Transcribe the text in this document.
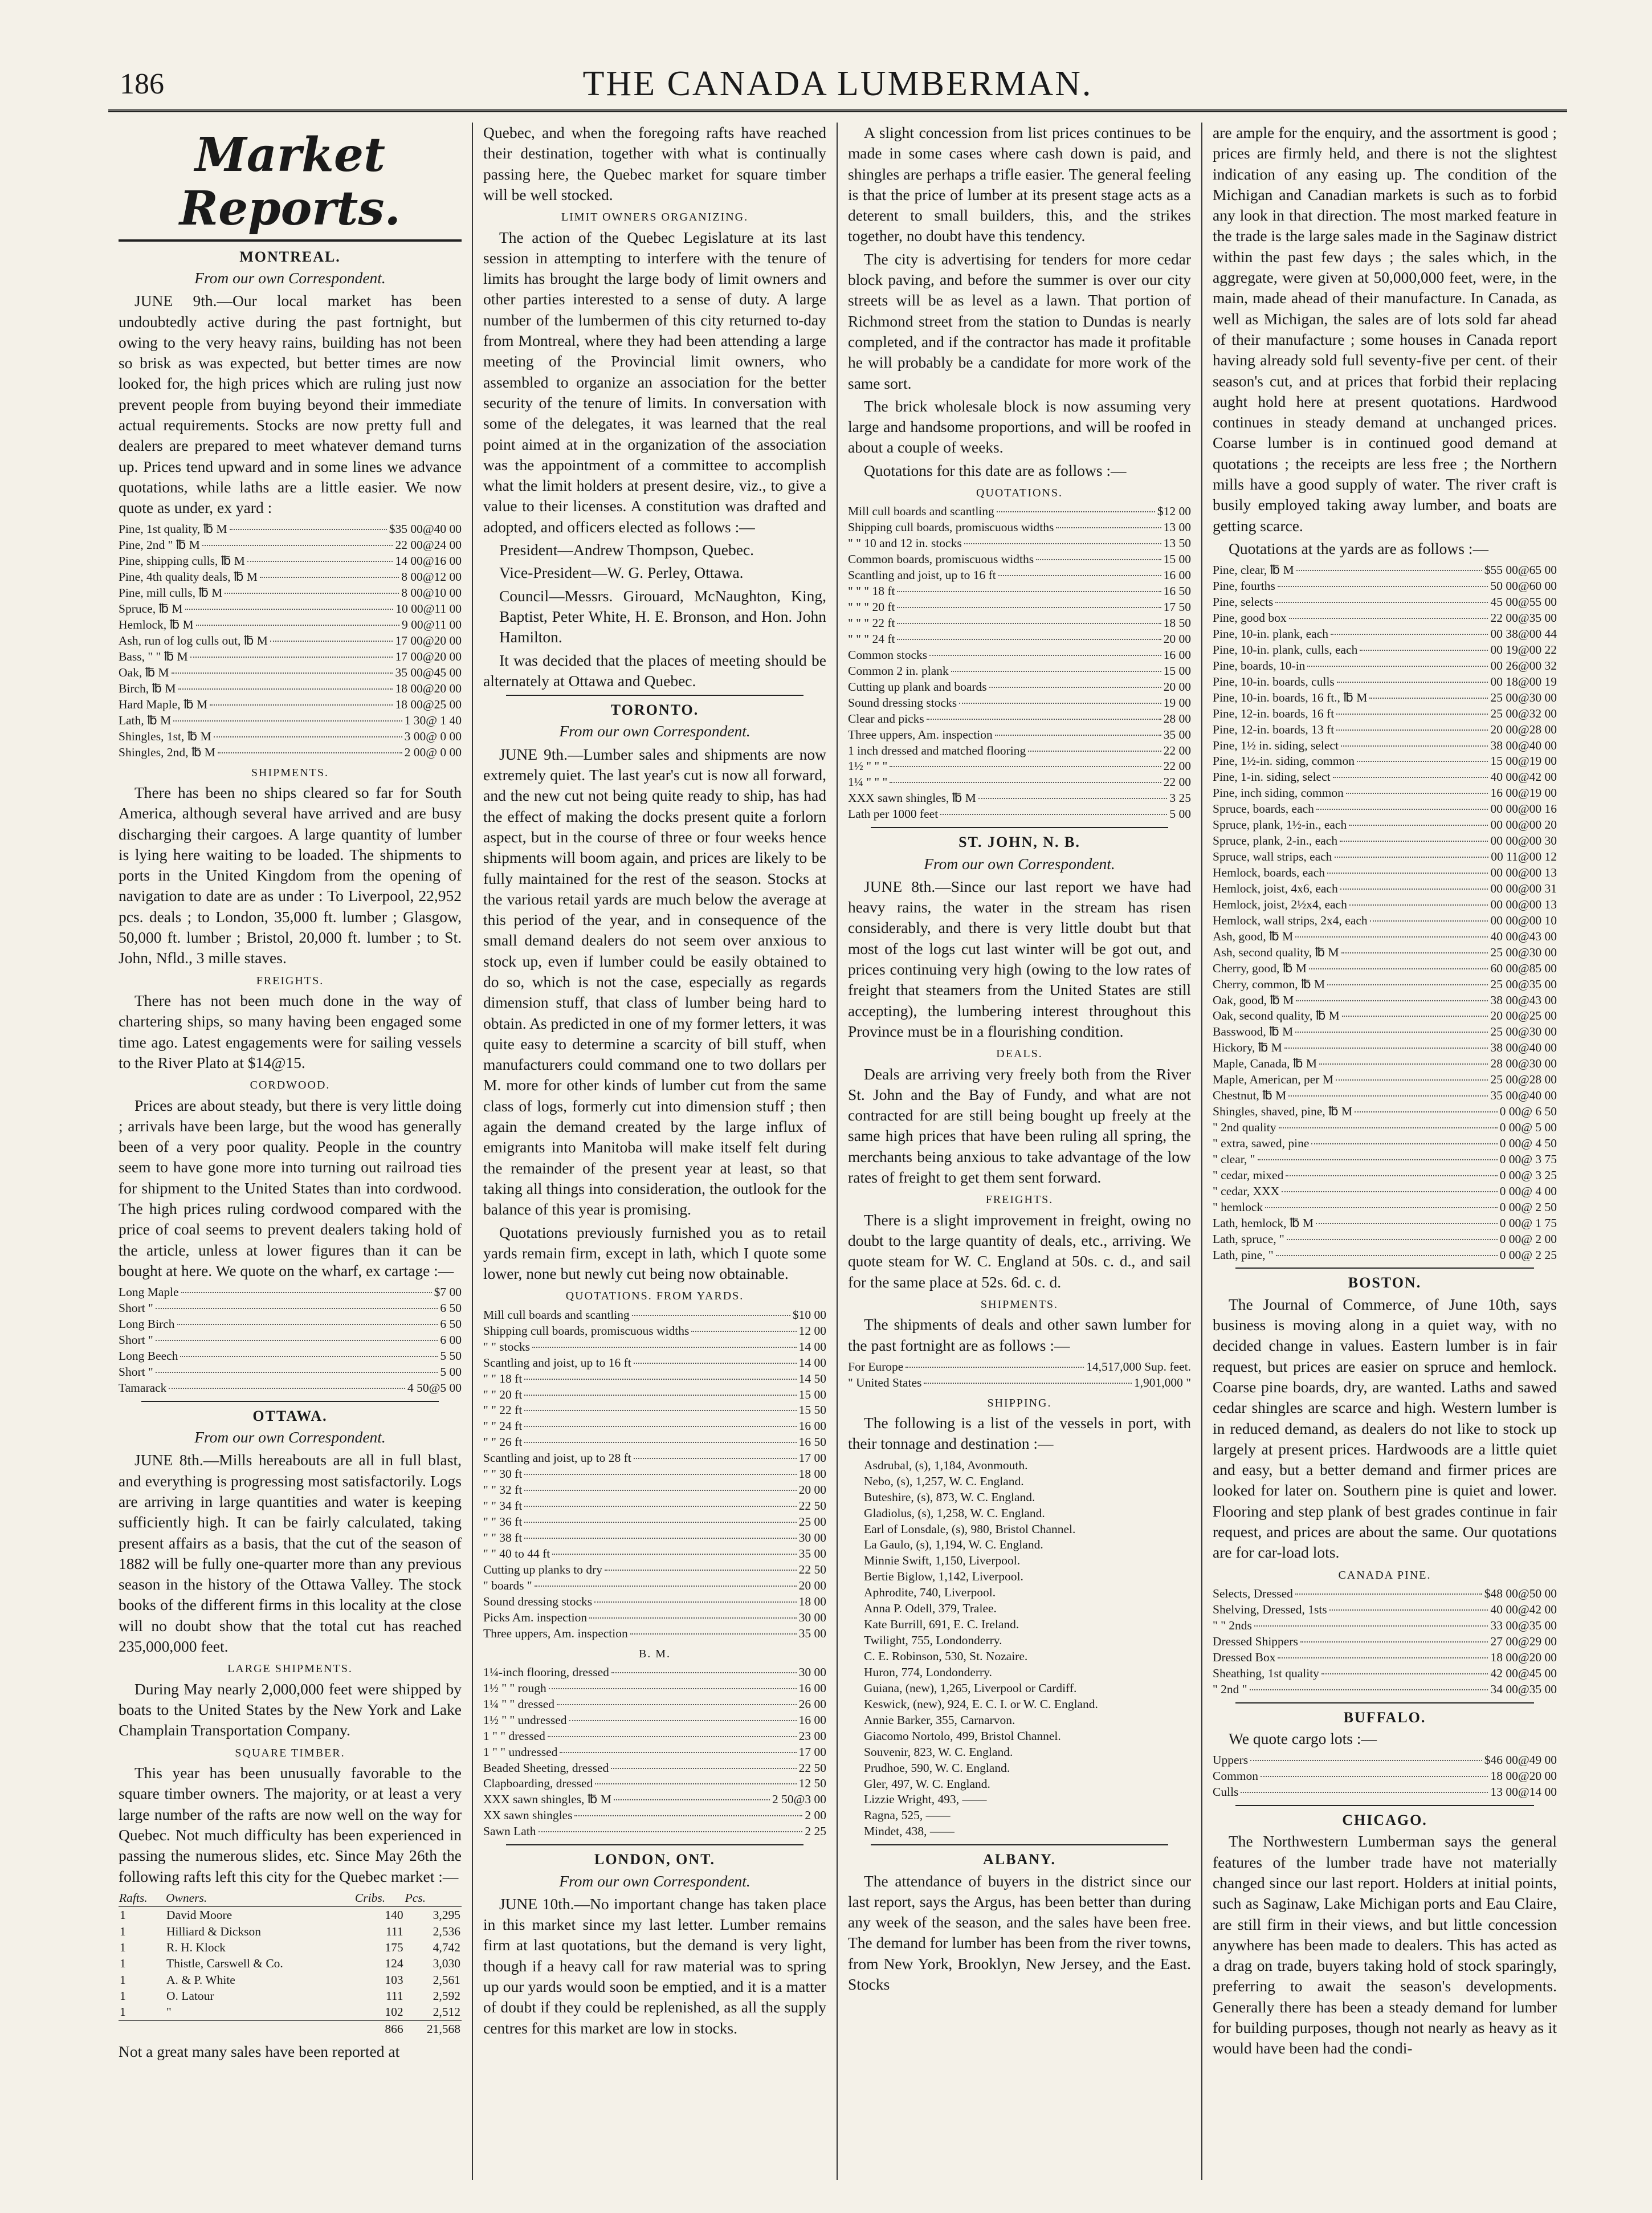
186	THE CANADA LUMBERMAN.
Market Reports.
MONTREAL.
From our own Correspondent.

JUNE 9th.—Our local market has been undoubtedly active during the past fortnight, but owing to the very heavy rains, building has not been so brisk as was expected, but better times are now looked for, the high prices which are ruling just now prevent people from buying beyond their immediate actual requirements. Stocks are now pretty full and dealers are prepared to meet whatever demand turns up. Prices tend upward and in some lines we advance quotations, while laths are a little easier. We now quote as under, ex yard :

Pine, 1st quality, ℔ M	$35 00@40 00
Pine, 2nd " ℔ M	22 00@24 00
Pine, shipping culls, ℔ M	14 00@16 00
Pine, 4th quality deals, ℔ M	8 00@12 00
Pine, mill culls, ℔ M	8 00@10 00
Spruce, ℔ M	10 00@11 00
Hemlock, ℔ M	9 00@11 00
Ash, run of log culls out, ℔ M	17 00@20 00
Bass, " " ℔ M	17 00@20 00
Oak, ℔ M	35 00@45 00
Birch, ℔ M	18 00@20 00
Hard Maple, ℔ M	18 00@25 00
Lath, ℔ M	1 30@ 1 40
Shingles, 1st, ℔ M	3 00@ 0 00
Shingles, 2nd, ℔ M	2 00@ 0 00
SHIPMENTS.

There has been no ships cleared so far for South America, although several have arrived and are busy discharging their cargoes. A large quantity of lumber is lying here waiting to be loaded. The shipments to ports in the United Kingdom from the opening of navigation to date are as under : To Liverpool, 22,952 pcs. deals ; to London, 35,000 ft. lumber ; Glasgow, 50,000 ft. lumber ; Bristol, 20,000 ft. lumber ; to St. John, Nfld., 3 mille staves.

FREIGHTS.

There has not been much done in the way of chartering ships, so many having been engaged some time ago. Latest engagements were for sailing vessels to the River Plato at $14@15.

CORDWOOD.

Prices are about steady, but there is very little doing ; arrivals have been large, but the wood has generally been of a very poor quality. People in the country seem to have gone more into turning out railroad ties for shipment to the United States than into cordwood. The high prices ruling cordwood compared with the price of coal seems to prevent dealers taking hold of the article, unless at lower figures than it can be bought at here. We quote on the wharf, ex cartage :—

Long Maple	$7 00
Short "	6 50
Long Birch	6 50
Short "	6 00
Long Beech	5 50
Short "	5 00
Tamarack	4 50@5 00
OTTAWA.
From our own Correspondent.

JUNE 8th.—Mills hereabouts are all in full blast, and everything is progressing most satisfactorily. Logs are arriving in large quantities and water is keeping sufficiently high. It can be fairly calculated, taking present affairs as a basis, that the cut of the season of 1882 will be fully one-quarter more than any previous season in the history of the Ottawa Valley. The stock books of the different firms in this locality at the close will no doubt show that the total cut has reached 235,000,000 feet.

LARGE SHIPMENTS.

During May nearly 2,000,000 feet were shipped by boats to the United States by the New York and Lake Champlain Transportation Company.

SQUARE TIMBER.

This year has been unusually favorable to the square timber owners. The majority, or at least a very large number of the rafts are now well on the way for Quebec. Not much difficulty has been experienced in passing the numerous slides, etc. Since May 26th the following rafts left this city for the Quebec market :—

Rafts.	Owners.	Cribs.	Pcs.
1	David Moore	140	3,295
1	Hilliard & Dickson	111	2,536
1	R. H. Klock	175	4,742
1	Thistle, Carswell & Co.	124	3,030
1	A. & P. White	103	2,561
1	O. Latour	111	2,592
1	"	102	2,512
		866	21,568

Not a great many sales have been reported at

Quebec, and when the foregoing rafts have reached their destination, together with what is continually passing here, the Quebec market for square timber will be well stocked.

LIMIT OWNERS ORGANIZING.

The action of the Quebec Legislature at its last session in attempting to interfere with the tenure of limits has brought the large body of limit owners and other parties interested to a sense of duty. A large number of the lumbermen of this city returned to-day from Montreal, where they had been attending a large meeting of the Provincial limit owners, who assembled to organize an association for the better security of the tenure of limits. In conversation with some of the delegates, it was learned that the real point aimed at in the organization of the association was the appointment of a committee to accomplish what the limit holders at present desire, viz., to give a value to their licenses. A constitution was drafted and adopted, and officers elected as follows :—

President—Andrew Thompson, Quebec.

Vice-President—W. G. Perley, Ottawa.

Council—Messrs. Girouard, McNaughton, King, Baptist, Peter White, H. E. Bronson, and Hon. John Hamilton.

It was decided that the places of meeting should be alternately at Ottawa and Quebec.

TORONTO.
From our own Correspondent.

JUNE 9th.—Lumber sales and shipments are now extremely quiet. The last year's cut is now all forward, and the new cut not being quite ready to ship, has had the effect of making the docks present quite a forlorn aspect, but in the course of three or four weeks hence shipments will boom again, and prices are likely to be fully maintained for the rest of the season. Stocks at the various retail yards are much below the average at this period of the year, and in consequence of the small demand dealers do not seem over anxious to stock up, even if lumber could be easily obtained to do so, which is not the case, especially as regards dimension stuff, that class of lumber being hard to obtain. As predicted in one of my former letters, it was quite easy to determine a scarcity of bill stuff, when manufacturers could command one to two dollars per M. more for other kinds of lumber cut from the same class of logs, formerly cut into dimension stuff ; then again the demand created by the large influx of emigrants into Manitoba will make itself felt during the remainder of the present year at least, so that taking all things into consideration, the outlook for the balance of this year is promising.

Quotations previously furnished you as to retail yards remain firm, except in lath, which I quote some lower, none but newly cut being now obtainable.

QUOTATIONS. FROM YARDS.
Mill cull boards and scantling	$10 00
Shipping cull boards, promiscuous widths	12 00
" " stocks	14 00
Scantling and joist, up to 16 ft	14 00
" " 18 ft	14 50
" " 20 ft	15 00
" " 22 ft	15 50
" " 24 ft	16 00
" " 26 ft	16 50
Scantling and joist, up to 28 ft	17 00
" " 30 ft	18 00
" " 32 ft	20 00
" " 34 ft	22 50
" " 36 ft	25 00
" " 38 ft	30 00
" " 40 to 44 ft	35 00
Cutting up planks to dry	22 50
" boards "	20 00
Sound dressing stocks	18 00
Picks Am. inspection	30 00
Three uppers, Am. inspection	35 00
B. M.
1¼-inch flooring, dressed	30 00
1½ " " rough	16 00
1¼ " " dressed	26 00
1½ " " undressed	16 00
1 " " dressed	23 00
1 " " undressed	17 00
Beaded Sheeting, dressed	22 50
Clapboarding, dressed	12 50
XXX sawn shingles, ℔ M	2 50@3 00
XX sawn shingles	2 00
Sawn Lath	2 25
LONDON, ONT.
From our own Correspondent.

JUNE 10th.—No important change has taken place in this market since my last letter. Lumber remains firm at last quotations, but the demand is very light, though if a heavy call for raw material was to spring up our yards would soon be emptied, and it is a matter of doubt if they could be replenished, as all the supply centres for this market are low in stocks.

A slight concession from list prices continues to be made in some cases where cash down is paid, and shingles are perhaps a trifle easier. The general feeling is that the price of lumber at its present stage acts as a deterent to small builders, this, and the strikes together, no doubt have this tendency.

The city is advertising for tenders for more cedar block paving, and before the summer is over our city streets will be as level as a lawn. That portion of Richmond street from the station to Dundas is nearly completed, and if the contractor has made it profitable he will probably be a candidate for more work of the same sort.

The brick wholesale block is now assuming very large and handsome proportions, and will be roofed in about a couple of weeks.

Quotations for this date are as follows :—

QUOTATIONS.
Mill cull boards and scantling	$12 00
Shipping cull boards, promiscuous widths	13 00
" " 10 and 12 in. stocks	13 50
Common boards, promiscuous widths	15 00
Scantling and joist, up to 16 ft	16 00
" " " 18 ft	16 50
" " " 20 ft	17 50
" " " 22 ft	18 50
" " " 24 ft	20 00
Common stocks	16 00
Common 2 in. plank	15 00
Cutting up plank and boards	20 00
Sound dressing stocks	19 00
Clear and picks	28 00
Three uppers, Am. inspection	35 00
1 inch dressed and matched flooring	22 00
1½ " " "	22 00
1¼ " " "	22 00
XXX sawn shingles, ℔ M	3 25
Lath per 1000 feet	5 00
ST. JOHN, N. B.
From our own Correspondent.

JUNE 8th.—Since our last report we have had heavy rains, the water in the stream has risen considerably, and there is very little doubt but that most of the logs cut last winter will be got out, and prices continuing very high (owing to the low rates of freight that steamers from the United States are still accepting), the lumbering interest throughout this Province must be in a flourishing condition.

DEALS.

Deals are arriving very freely both from the River St. John and the Bay of Fundy, and what are not contracted for are still being bought up freely at the same high prices that have been ruling all spring, the merchants being anxious to take advantage of the low rates of freight to get them sent forward.

FREIGHTS.

There is a slight improvement in freight, owing no doubt to the large quantity of deals, etc., arriving. We quote steam for W. C. England at 50s. c. d., and sail for the same place at 52s. 6d. c. d.

SHIPMENTS.

The shipments of deals and other sawn lumber for the past fortnight are as follows :—

For Europe	14,517,000 Sup. feet.
" United States	1,901,000 "
SHIPPING.

The following is a list of the vessels in port, with their tonnage and destination :—

Asdrubal, (s), 1,184, Avonmouth.
Nebo, (s), 1,257, W. C. England.
Buteshire, (s), 873, W. C. England.
Gladiolus, (s), 1,258, W. C. England.
Earl of Lonsdale, (s), 980, Bristol Channel.
La Gaulo, (s), 1,194, W. C. England.
Minnie Swift, 1,150, Liverpool.
Bertie Biglow, 1,142, Liverpool.
Aphrodite, 740, Liverpool.
Anna P. Odell, 379, Tralee.
Kate Burrill, 691, E. C. Ireland.
Twilight, 755, Londonderry.
C. E. Robinson, 530, St. Nozaire.
Huron, 774, Londonderry.
Guiana, (new), 1,265, Liverpool or Cardiff.
Keswick, (new), 924, E. C. I. or W. C. England.
Annie Barker, 355, Carnarvon.
Giacomo Nortolo, 499, Bristol Channel.
Souvenir, 823, W. C. England.
Prudhoe, 590, W. C. England.
Gler, 497, W. C. England.
Lizzie Wright, 493, ——
Ragna, 525, ——
Mindet, 438, ——
ALBANY.

The attendance of buyers in the district since our last report, says the Argus, has been better than during any week of the season, and the sales have been free. The demand for lumber has been from the river towns, from New York, Brooklyn, New Jersey, and the East. Stocks

are ample for the enquiry, and the assortment is good ; prices are firmly held, and there is not the slightest indication of any easing up. The condition of the Michigan and Canadian markets is such as to forbid any look in that direction. The most marked feature in the trade is the large sales made in the Saginaw district within the past few days ; the sales which, in the aggregate, were given at 50,000,000 feet, were, in the main, made ahead of their manufacture. In Canada, as well as Michigan, the sales are of lots sold far ahead of their manufacture ; some houses in Canada report having already sold full seventy-five per cent. of their season's cut, and at prices that forbid their replacing aught hold here at present quotations. Hardwood continues in steady demand at unchanged prices. Coarse lumber is in continued good demand at quotations ; the receipts are less free ; the Northern mills have a good supply of water. The river craft is busily employed taking away lumber, and boats are getting scarce.

Quotations at the yards are as follows :—

Pine, clear, ℔ M	$55 00@65 00
Pine, fourths	50 00@60 00
Pine, selects	45 00@55 00
Pine, good box	22 00@35 00
Pine, 10-in. plank, each	00 38@00 44
Pine, 10-in. plank, culls, each	00 19@00 22
Pine, boards, 10-in	00 26@00 32
Pine, 10-in. boards, culls	00 18@00 19
Pine, 10-in. boards, 16 ft., ℔ M	25 00@30 00
Pine, 12-in. boards, 16 ft	25 00@32 00
Pine, 12-in. boards, 13 ft	20 00@28 00
Pine, 1½ in. siding, select	38 00@40 00
Pine, 1½-in. siding, common	15 00@19 00
Pine, 1-in. siding, select	40 00@42 00
Pine, inch siding, common	16 00@19 00
Spruce, boards, each	00 00@00 16
Spruce, plank, 1½-in., each	00 00@00 20
Spruce, plank, 2-in., each	00 00@00 30
Spruce, wall strips, each	00 11@00 12
Hemlock, boards, each	00 00@00 13
Hemlock, joist, 4x6, each	00 00@00 31
Hemlock, joist, 2½x4, each	00 00@00 13
Hemlock, wall strips, 2x4, each	00 00@00 10
Ash, good, ℔ M	40 00@43 00
Ash, second quality, ℔ M	25 00@30 00
Cherry, good, ℔ M	60 00@85 00
Cherry, common, ℔ M	25 00@35 00
Oak, good, ℔ M	38 00@43 00
Oak, second quality, ℔ M	20 00@25 00
Basswood, ℔ M	25 00@30 00
Hickory, ℔ M	38 00@40 00
Maple, Canada, ℔ M	28 00@30 00
Maple, American, per M	25 00@28 00
Chestnut, ℔ M	35 00@40 00
Shingles, shaved, pine, ℔ M	0 00@ 6 50
" 2nd quality	0 00@ 5 00
" extra, sawed, pine	0 00@ 4 50
" clear, "	0 00@ 3 75
" cedar, mixed	0 00@ 3 25
" cedar, XXX	0 00@ 4 00
" hemlock	0 00@ 2 50
Lath, hemlock, ℔ M	0 00@ 1 75
Lath, spruce, "	0 00@ 2 00
Lath, pine, "	0 00@ 2 25
BOSTON.

The Journal of Commerce, of June 10th, says business is moving along in a quiet way, with no decided change in values. Eastern lumber is in fair request, but prices are easier on spruce and hemlock. Coarse pine boards, dry, are wanted. Laths and sawed cedar shingles are scarce and high. Western lumber is in reduced demand, as dealers do not like to stock up largely at present prices. Hardwoods are a little quiet and easy, but a better demand and firmer prices are looked for later on. Southern pine is quiet and lower. Flooring and step plank of best grades continue in fair request, and prices are about the same. Our quotations are for car-load lots.

CANADA PINE.
Selects, Dressed	$48 00@50 00
Shelving, Dressed, 1sts	40 00@42 00
" " 2nds	33 00@35 00
Dressed Shippers	27 00@29 00
Dressed Box	18 00@20 00
Sheathing, 1st quality	42 00@45 00
" 2nd "	34 00@35 00
BUFFALO.

We quote cargo lots :—

Uppers	$46 00@49 00
Common	18 00@20 00
Culls	13 00@14 00
CHICAGO.

The Northwestern Lumberman says the general features of the lumber trade have not materially changed since our last report. Holders at initial points, such as Saginaw, Lake Michigan ports and Eau Claire, are still firm in their views, and but little concession anywhere has been made to dealers. This has acted as a drag on trade, buyers taking hold of stock sparingly, preferring to await the season's developments. Generally there has been a steady demand for lumber for building purposes, though not nearly as heavy as it would have been had the condi-
